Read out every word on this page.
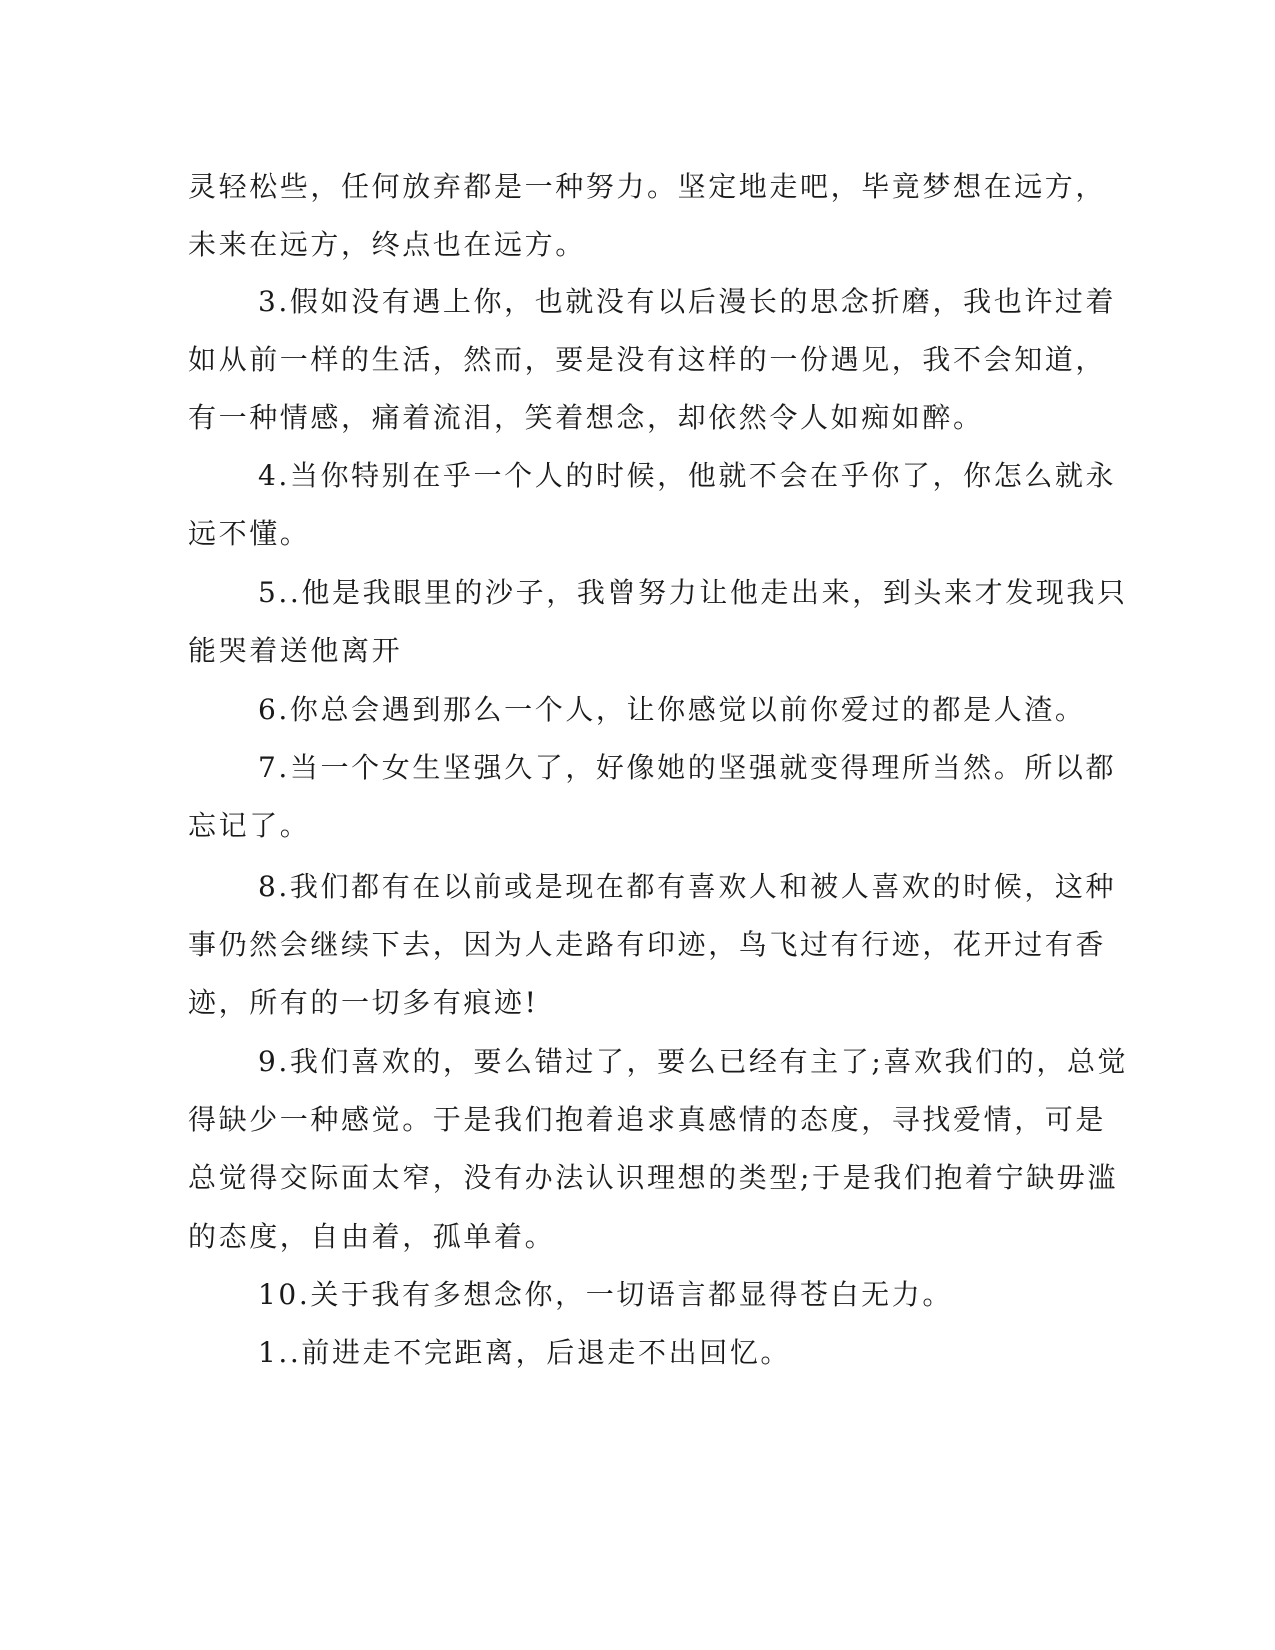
灵轻松些，任何放弃都是一种努力。坚定地走吧，毕竟梦想在远方，
未来在远方，终点也在远方。
3.假如没有遇上你，也就没有以后漫长的思念折磨，我也许过着
如从前一样的生活，然而，要是没有这样的一份遇见，我不会知道，
有一种情感，痛着流泪，笑着想念，却依然令人如痴如醉。
4.当你特别在乎一个人的时候，他就不会在乎你了，你怎么就永
远不懂。
5..他是我眼里的沙子，我曾努力让他走出来，到头来才发现我只
能哭着送他离开
6.你总会遇到那么一个人，让你感觉以前你爱过的都是人渣。
7.当一个女生坚强久了，好像她的坚强就变得理所当然。所以都
忘记了。
8.我们都有在以前或是现在都有喜欢人和被人喜欢的时候，这种
事仍然会继续下去，因为人走路有印迹，鸟飞过有行迹，花开过有香
迹，所有的一切多有痕迹!
9.我们喜欢的，要么错过了，要么已经有主了;喜欢我们的，总觉
得缺少一种感觉。于是我们抱着追求真感情的态度，寻找爱情，可是
总觉得交际面太窄，没有办法认识理想的类型;于是我们抱着宁缺毋滥
的态度，自由着，孤单着。
10.关于我有多想念你，一切语言都显得苍白无力。
1..前进走不完距离，后退走不出回忆。
